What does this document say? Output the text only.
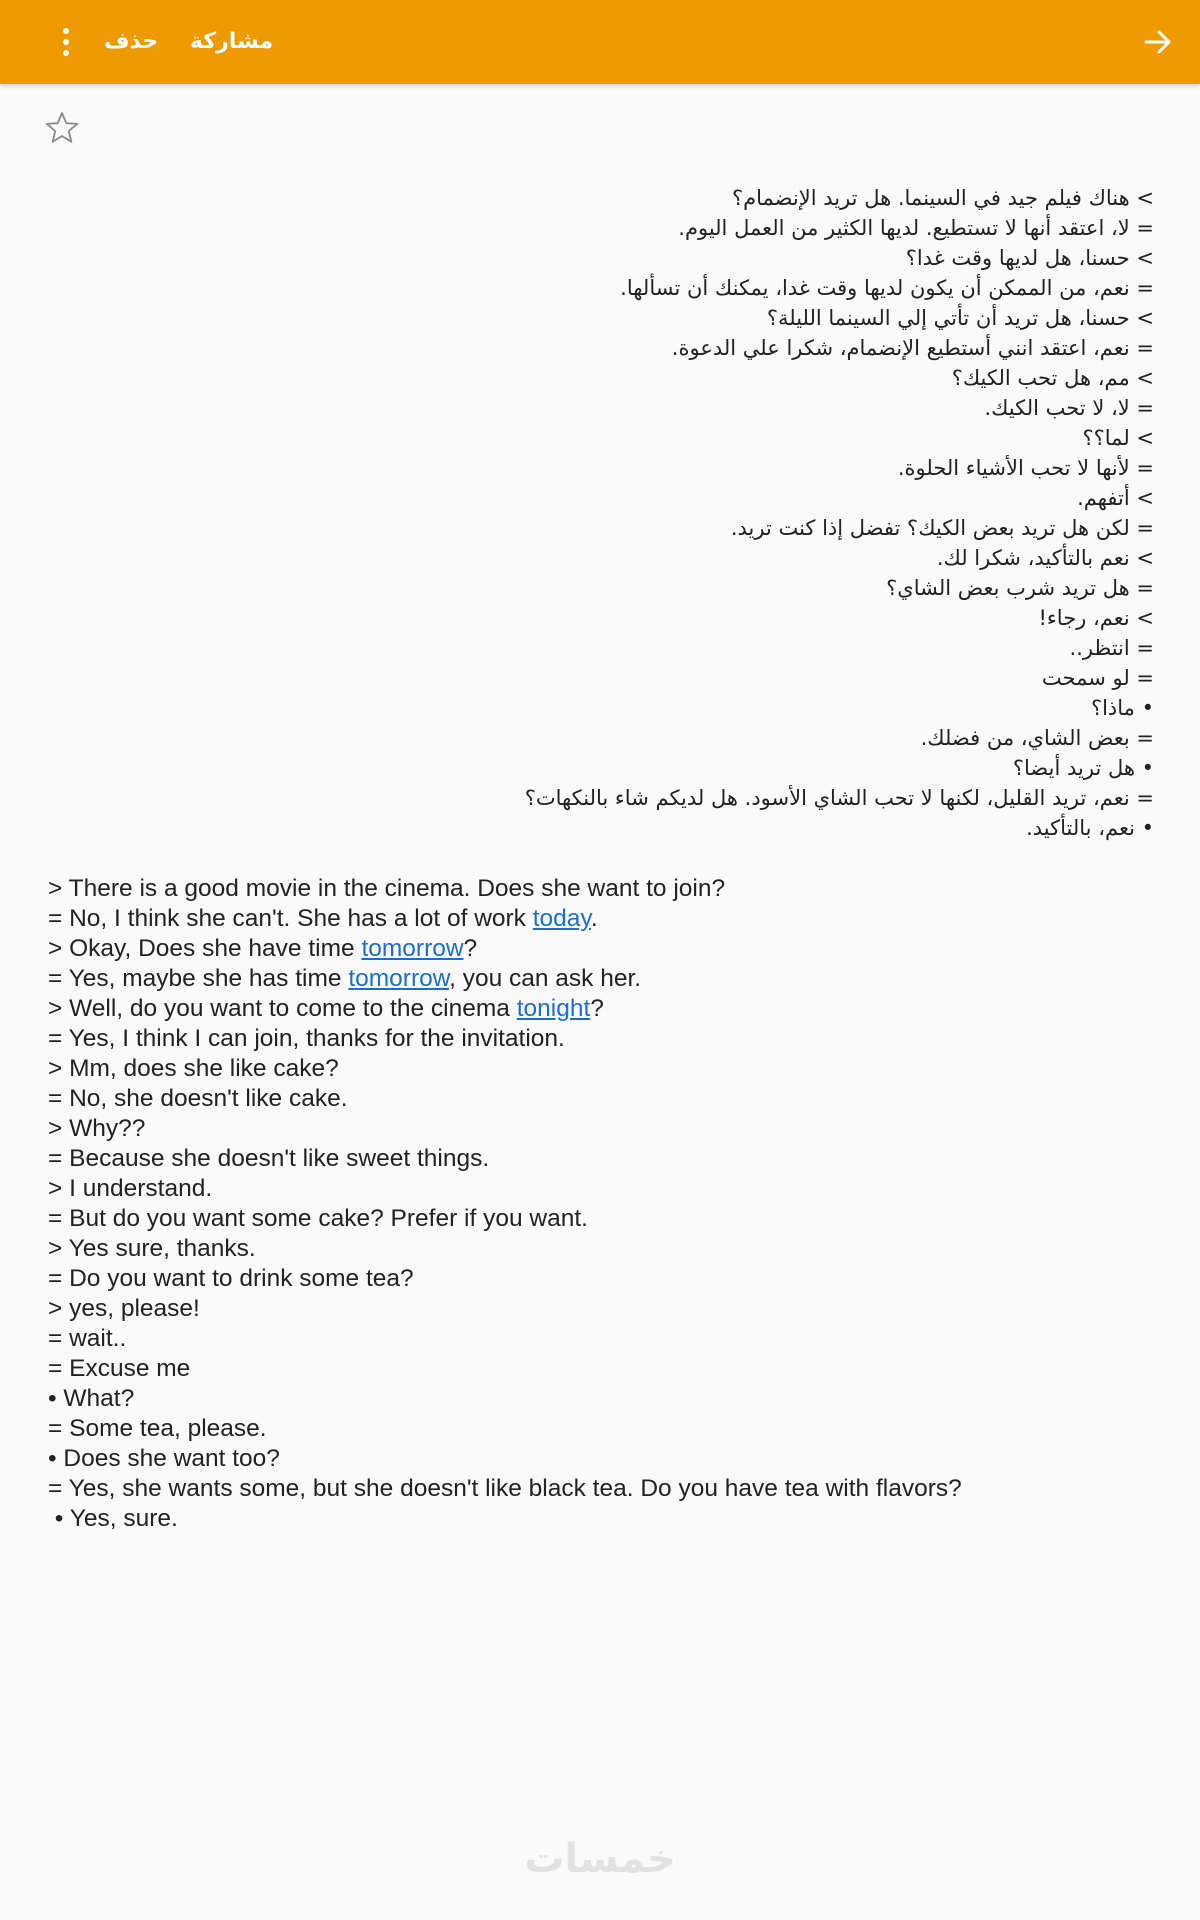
مشاركة
حذف
> هناك فيلم جيد في السينما. هل تريد الإنضمام؟
= لا، اعتقد أنها لا تستطيع. لديها الكثير من العمل اليوم.
> حسنا، هل لديها وقت غدا؟
= نعم، من الممكن أن يكون لديها وقت غدا، يمكنك أن تسألها.
> حسنا، هل تريد أن تأتي إلي السينما الليلة؟
= نعم، اعتقد انني أستطيع الإنضمام، شكرا علي الدعوة.
> مم، هل تحب الكيك؟
= لا، لا تحب الكيك.
> لما؟؟
= لأنها لا تحب الأشياء الحلوة.
> أتفهم.
= لكن هل تريد بعض الكيك؟ تفضل إذا كنت تريد.
> نعم بالتأكيد، شكرا لك.
= هل تريد شرب بعض الشاي؟
> نعم، رجاء!
= انتظر..
= لو سمحت
• ماذا؟
= بعض الشاي، من فضلك.
• هل تريد أيضا؟
= نعم، تريد القليل، لكنها لا تحب الشاي الأسود. هل لديكم شاء بالنكهات؟
• نعم، بالتأكيد.
> There is a good movie in the cinema. Does she want to join?
= No, I think she can't. She has a lot of work today.
> Okay, Does she have time tomorrow?
= Yes, maybe she has time tomorrow, you can ask her.
> Well, do you want to come to the cinema tonight?
= Yes, I think I can join, thanks for the invitation.
> Mm, does she like cake?
= No, she doesn't like cake.
> Why??
= Because she doesn't like sweet things.
> I understand.
= But do you want some cake? Prefer if you want.
> Yes sure, thanks.
= Do you want to drink some tea?
> yes, please!
= wait..
= Excuse me
• What?
= Some tea, please.
• Does she want too?
= Yes, she wants some, but she doesn't like black tea. Do you have tea with flavors?
• Yes, sure.
خمسات
